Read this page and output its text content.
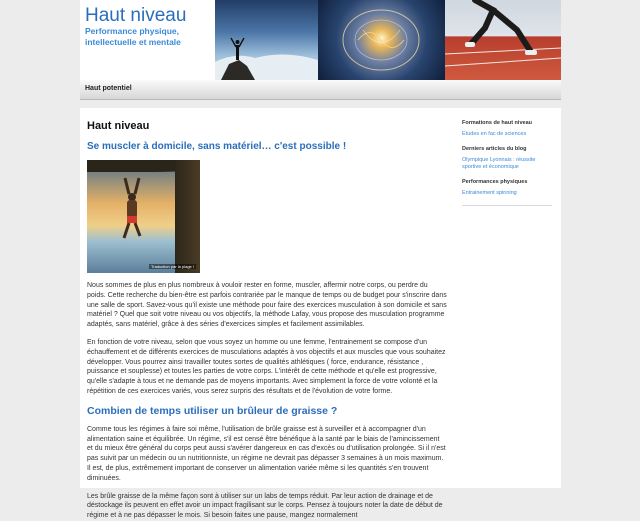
Haut niveau
Performance physique, intellectuelle et mentale
Haut potentiel
Haut niveau
Se muscler à domicile, sans matériel… c'est possible !
Traduction par la plage !
Nous sommes de plus en plus nombreux à vouloir rester en forme, muscler, affermir notre corps, ou perdre du poids. Cette recherche du bien-être est parfois contrariée par le manque de temps ou de budget pour s'inscrire dans une salle de sport. Savez-vous qu'il existe une méthode pour faire des exercices musculation à son domicile et sans matériel ? Quel que soit votre niveau ou vos objectifs, la méthode Lafay, vous propose des musculation programme adaptés, sans matériel, grâce à des séries d'exercices simples et facilement assimilables.
En fonction de votre niveau, selon que vous soyez un homme ou une femme, l'entrainement se compose d'un échauffement et de différents exercices de musculations adaptés à vos objectifs et aux muscles que vous souhaitez développer. Vous pourrez ainsi travailler toutes sortes de qualités athlétiques ( force, endurance, résistance , puissance et souplesse) et toutes les parties de votre corps. L'intérêt de cette méthode et qu'elle est progressive, qu'elle s'adapte à tous et ne demande pas de moyens importants. Avec simplement la force de votre volonté et la répétition de ces exercices variés, vous serez surpris des résultats et de l'évolution de votre forme.
Combien de temps utiliser un brûleur de graisse ?
Comme tous les régimes à faire soi même, l'utilisation de brûle graisse est à surveiller et à accompagner d'un alimentation saine et équilibrée. Un régime, s'il est censé être bénéfique à la santé par le biais de l'amincissement et du mieux être général du corps peut aussi s'avérer dangereux en cas d'excès ou d'utilisation prolongée. Si il n'est pas suivit par un médecin ou un nutritionniste, un régime ne devrait pas dépasser 3 semaines à un mois maximum. Il est, de plus, extrêmement important de conserver un alimentation variée même si les quantités s'en trouvent diminuées.
Les brûle graisse de la même façon sont à utiliser sur un labs de temps réduit. Par leur action de drainage et de déstockage ils peuvent en effet avoir un impact fragilisant sur le corps. Pensez à toujours noter la date de début de régime et à ne pas dépasser le mois. Si besoin faites une pause, mangez normalement
Formations de haut niveau
Etudes en fac de sciences
Derniers articles du blog
Olympique Lyonnais : réussite sportive et économique
Performances physiques
Entrainement spinning
